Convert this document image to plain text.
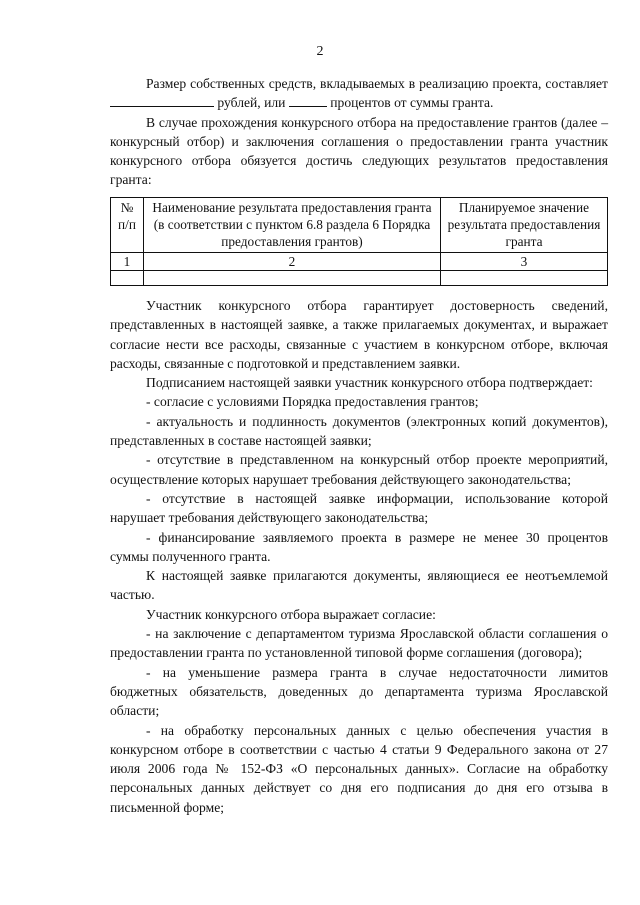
2

Размер собственных средств, вкладываемых в реализацию проекта, составляет  рублей, или	процентов от суммы гранта.

В случае прохождения конкурсного отбора на предоставление грантов (далее – конкурсный отбор) и заключения соглашения о предоставлении гранта участник конкурсного отбора обязуется достичь следующих результатов предоставления гранта:

№ п/п	Наименование результата предоставления гранта (в соответствии с пунктом 6.8 раздела 6 Порядка предоставления грантов)	Планируемое значение результата предоставления гранта
1	2	3

Участник конкурсного отбора гарантирует достоверность сведений, представленных в настоящей заявке, а также прилагаемых документах, и выражает согласие нести все расходы, связанные с участием в конкурсном отборе, включая расходы, связанные с подготовкой и представлением заявки.

Подписанием настоящей заявки участник конкурсного отбора подтверждает:

- согласие с условиями Порядка предоставления грантов;

- актуальность и подлинность документов (электронных копий документов), представленных в составе настоящей заявки;

- отсутствие в представленном на конкурсный отбор проекте мероприятий, осуществление которых нарушает требования действующего законодательства;

- отсутствие в настоящей заявке информации, использование которой нарушает требования действующего законодательства;

- финансирование заявляемого проекта в размере не менее 30 процентов суммы полученного гранта.

К настоящей заявке прилагаются документы, являющиеся ее неотъемлемой частью.

Участник конкурсного отбора выражает согласие:

- на заключение с департаментом туризма Ярославской области соглашения о предоставлении гранта по установленной типовой форме соглашения (договора);

- на уменьшение размера гранта в случае недостаточности лимитов бюджетных обязательств, доведенных до департамента туризма Ярославской области;

- на обработку персональных данных с целью обеспечения участия в конкурсном отборе в соответствии с частью 4 статьи 9 Федерального закона от 27 июля 2006 года № 152-ФЗ «О персональных данных». Согласие на обработку персональных данных действует со дня его подписания до дня его отзыва в письменной форме;
